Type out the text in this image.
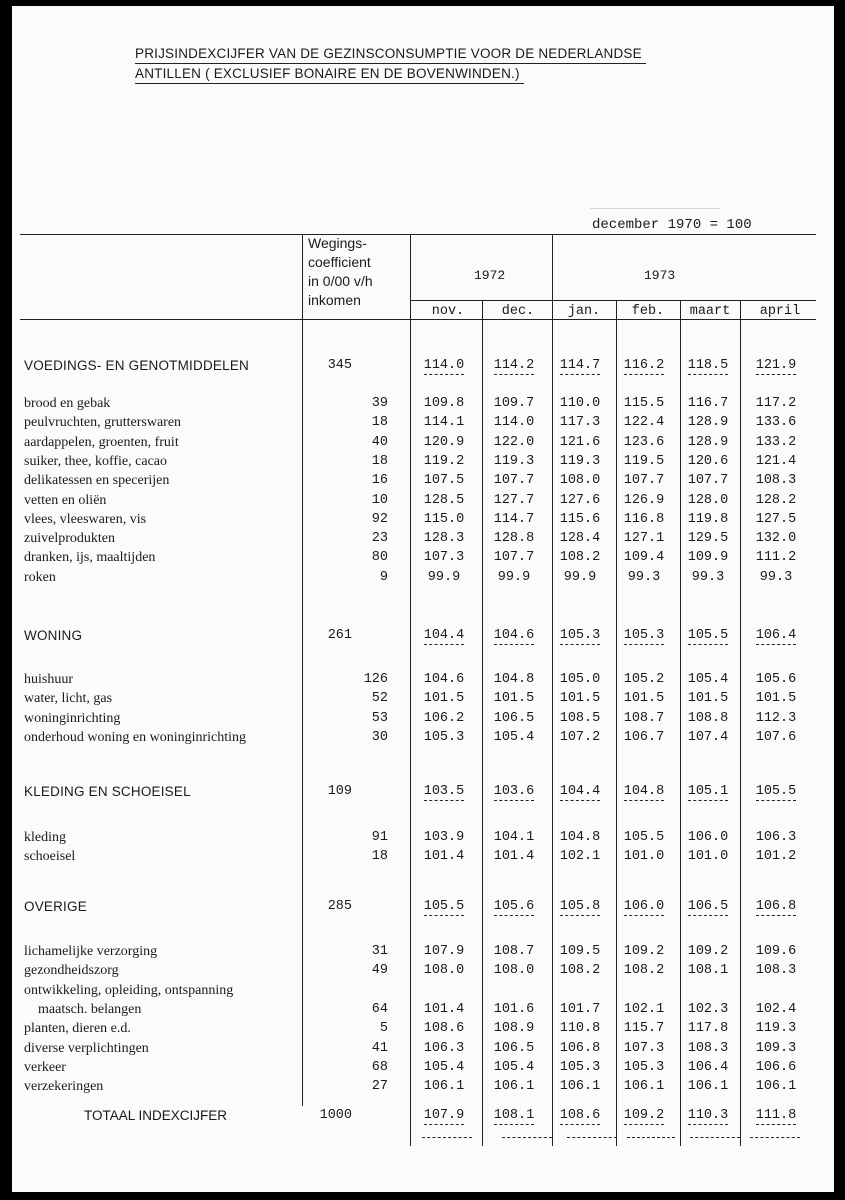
PRIJSINDEXCIJFER VAN DE GEZINSCONSUMPTIE VOOR DE NEDERLANDSE
ANTILLEN ( EXCLUSIEF BONAIRE EN DE BOVENWINDEN.)

december 1970 = 100
Wegings-
coefficient
in 0/00 v/h
inkomen
1972	1973
nov.	dec.	jan.	feb.	maart	april
VOEDINGS- EN GENOTMIDDELEN	345	114.0	114.2	114.7	116.2	118.5	121.9
brood en gebak	39	109.8	109.7	110.0	115.5	116.7	117.2
peulvruchten, grutterswaren	18	114.1	114.0	117.3	122.4	128.9	133.6
aardappelen, groenten, fruit	40	120.9	122.0	121.6	123.6	128.9	133.2
suiker, thee, koffie, cacao	18	119.2	119.3	119.3	119.5	120.6	121.4
delikatessen en specerijen	16	107.5	107.7	108.0	107.7	107.7	108.3
vetten en oliën	10	128.5	127.7	127.6	126.9	128.0	128.2
vlees, vleeswaren, vis	92	115.0	114.7	115.6	116.8	119.8	127.5
zuivelprodukten	23	128.3	128.8	128.4	127.1	129.5	132.0
dranken, ijs, maaltijden	80	107.3	107.7	108.2	109.4	109.9	111.2
roken	9	99.9	99.9	99.9	99.3	99.3	99.3
WONING	261	104.4	104.6	105.3	105.3	105.5	106.4
huishuur	126	104.6	104.8	105.0	105.2	105.4	105.6
water, licht, gas	52	101.5	101.5	101.5	101.5	101.5	101.5
woninginrichting	53	106.2	106.5	108.5	108.7	108.8	112.3
onderhoud woning en woninginrichting	30	105.3	105.4	107.2	106.7	107.4	107.6
KLEDING EN SCHOEISEL	109	103.5	103.6	104.4	104.8	105.1	105.5
kleding	91	103.9	104.1	104.8	105.5	106.0	106.3
schoeisel	18	101.4	101.4	102.1	101.0	101.0	101.2
OVERIGE	285	105.5	105.6	105.8	106.0	106.5	106.8
lichamelijke verzorging	31	107.9	108.7	109.5	109.2	109.2	109.6
gezondheidszorg	49	108.0	108.0	108.2	108.2	108.1	108.3
ontwikkeling, opleiding, ontspanning
maatsch. belangen	64	101.4	101.6	101.7	102.1	102.3	102.4
planten, dieren e.d.	5	108.6	108.9	110.8	115.7	117.8	119.3
diverse verplichtingen	41	106.3	106.5	106.8	107.3	108.3	109.3
verkeer	68	105.4	105.4	105.3	105.3	106.4	106.6
verzekeringen	27	106.1	106.1	106.1	106.1	106.1	106.1
TOTAAL INDEXCIJFER	1000	107.9	108.1	108.6	109.2	110.3	111.8
